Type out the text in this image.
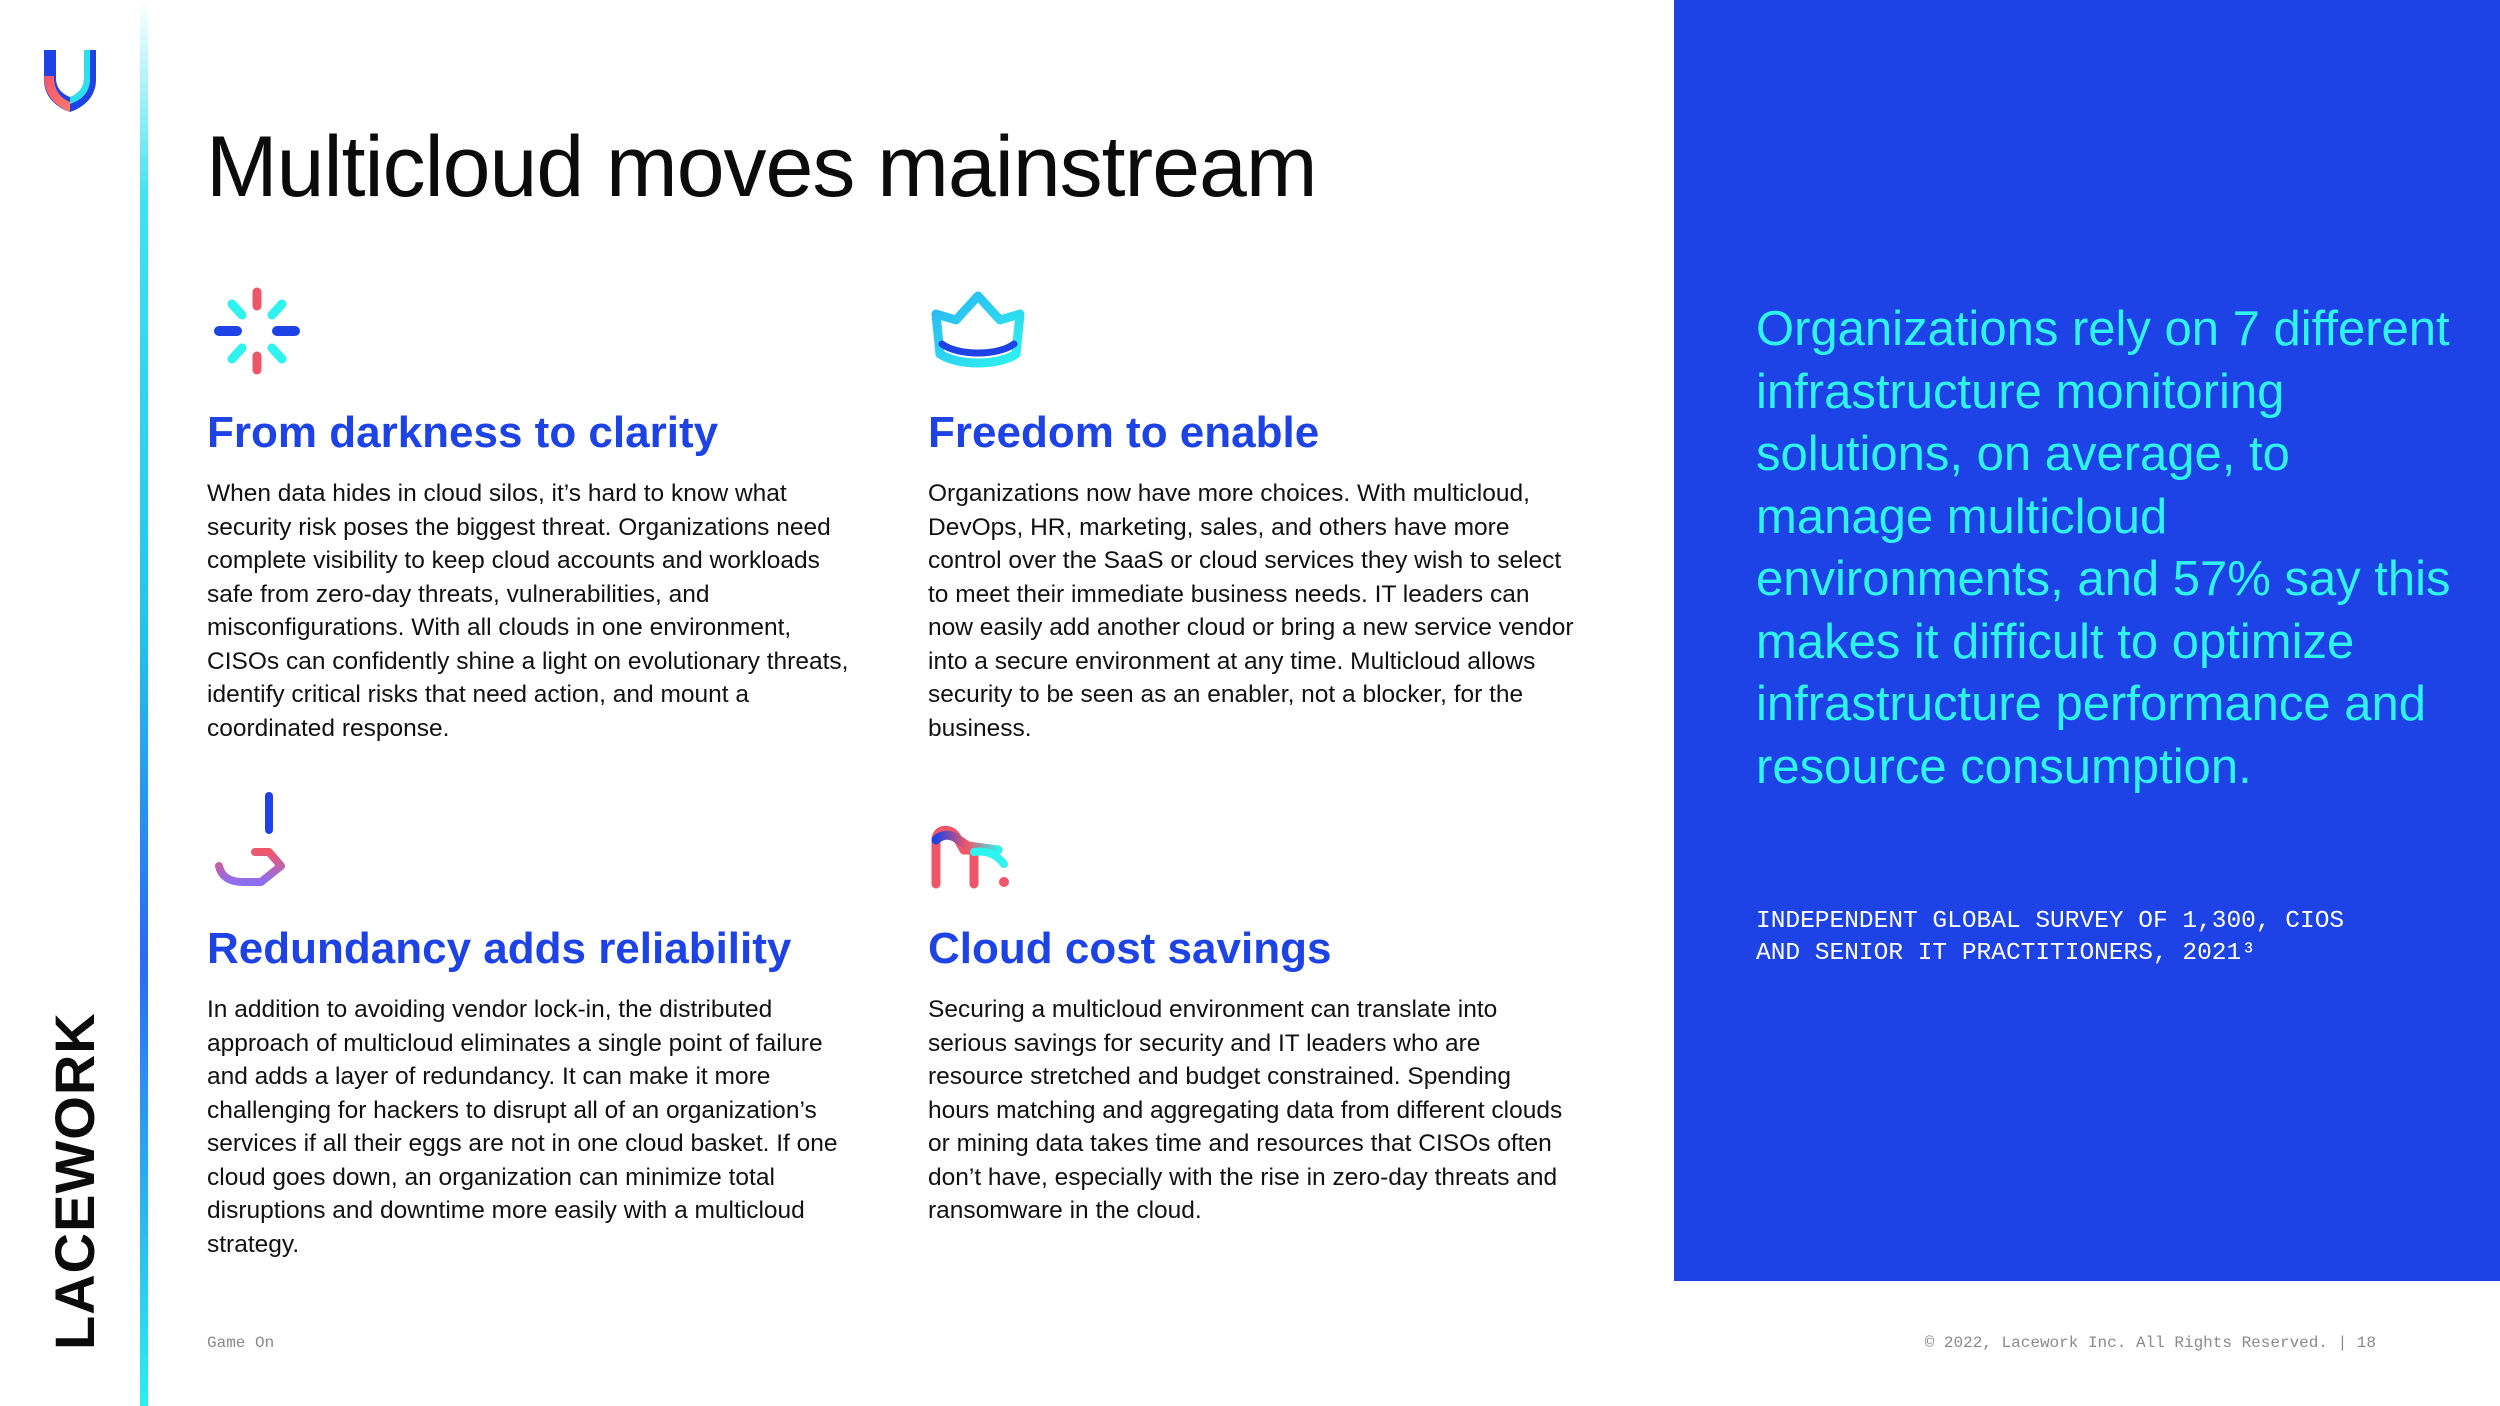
LACEWORK
Multicloud moves mainstream
From darkness to clarity

When data hides in cloud silos, it’s hard to know what security risk poses the biggest threat. Organizations need complete visibility to keep cloud accounts and workloads safe from zero-day threats, vulnerabilities, and misconfigurations. With all clouds in one environment, CISOs can confidently shine a light on evolutionary threats, identify critical risks that need action, and mount a coordinated response.

Freedom to enable

Organizations now have more choices. With multicloud, DevOps, HR, marketing, sales, and others have more control over the SaaS or cloud services they wish to select to meet their immediate business needs. IT leaders can now easily add another cloud or bring a new service vendor into a secure environment at any time. Multicloud allows security to be seen as an enabler, not a blocker, for the business.

Redundancy adds reliability

In addition to avoiding vendor lock-in, the distributed approach of multicloud eliminates a single point of failure and adds a layer of redundancy. It can make it more challenging for hackers to disrupt all of an organization’s services if all their eggs are not in one cloud basket. If one cloud goes down, an organization can minimize total disruptions and downtime more easily with a multicloud strategy.

Cloud cost savings

Securing a multicloud environment can translate into serious savings for security and IT leaders who are resource stretched and budget constrained. Spending hours matching and aggregating data from different clouds or mining data takes time and resources that CISOs often don’t have, especially with the rise in zero-day threats and ransomware in the cloud.

Organizations rely on 7 different infrastructure monitoring solutions, on average, to manage multicloud environments, and 57% say this makes it difficult to optimize infrastructure performance and resource consumption.

INDEPENDENT GLOBAL SURVEY OF 1,300, CIOS AND SENIOR IT PRACTITIONERS, 2021³

Game On	© 2022, Lacework Inc. All Rights Reserved. | 18
